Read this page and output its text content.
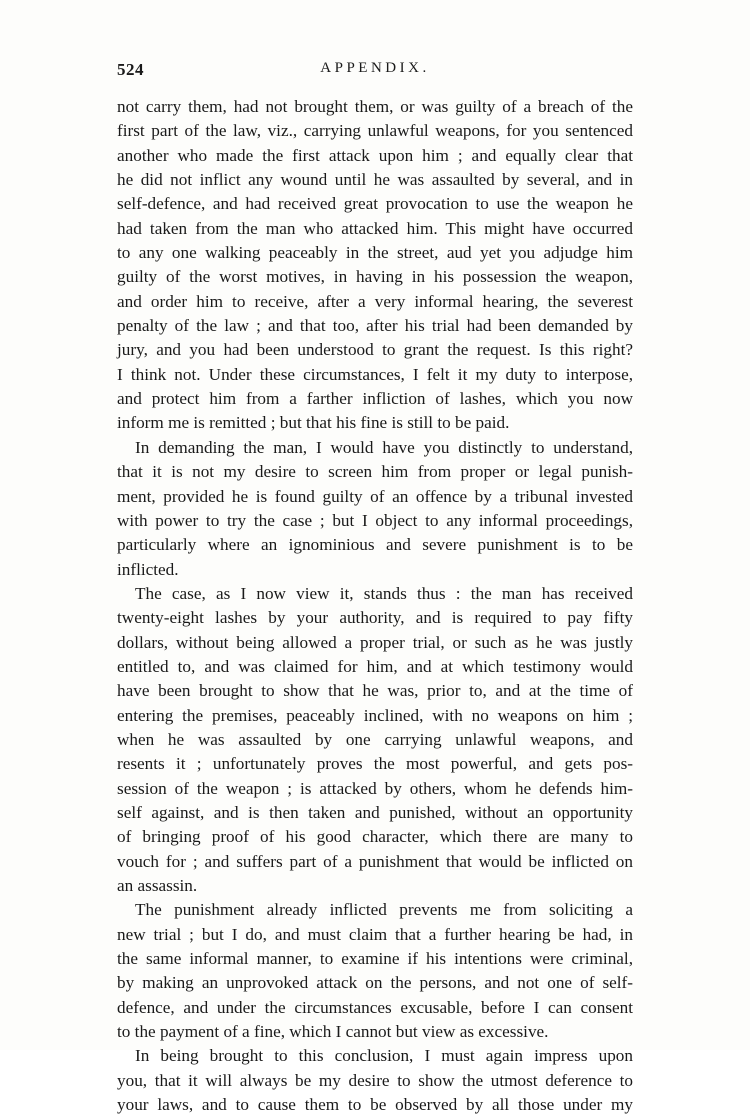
524	APPENDIX.
not carry them, had not brought them, or was guilty of a breach of the
first part of the law, viz., carrying unlawful weapons, for you sentenced
another who made the first attack upon him ; and equally clear that
he did not inflict any wound until he was assaulted by several, and in
self-defence, and had received great provocation to use the weapon he
had taken from the man who attacked him. This might have occurred
to any one walking peaceably in the street, aud yet you adjudge him
guilty of the worst motives, in having in his possession the weapon,
and order him to receive, after a very informal hearing, the severest
penalty of the law ; and that too, after his trial had been demanded by
jury, and you had been understood to grant the request. Is this right?
I think not. Under these circumstances, I felt it my duty to interpose,
and protect him from a farther infliction of lashes, which you now
inform me is remitted ; but that his fine is still to be paid.
In demanding the man, I would have you distinctly to understand,
that it is not my desire to screen him from proper or legal punish-
ment, provided he is found guilty of an offence by a tribunal invested
with power to try the case ; but I object to any informal proceedings,
particularly where an ignominious and severe punishment is to be
inflicted.
The case, as I now view it, stands thus : the man has received
twenty-eight lashes by your authority, and is required to pay fifty
dollars, without being allowed a proper trial, or such as he was justly
entitled to, and was claimed for him, and at which testimony would
have been brought to show that he was, prior to, and at the time of
entering the premises, peaceably inclined, with no weapons on him ;
when he was assaulted by one carrying unlawful weapons, and
resents it ; unfortunately proves the most powerful, and gets pos-
session of the weapon ; is attacked by others, whom he defends him-
self against, and is then taken and punished, without an opportunity
of bringing proof of his good character, which there are many to
vouch for ; and suffers part of a punishment that would be inflicted on
an assassin.
The punishment already inflicted prevents me from soliciting a
new trial ; but I do, and must claim that a further hearing be had, in
the same informal manner, to examine if his intentions were criminal,
by making an unprovoked attack on the persons, and not one of self-
defence, and under the circumstances excusable, before I can consent
to the payment of a fine, which I cannot but view as excessive.
In being brought to this conclusion, I must again impress upon
you, that it will always be my desire to show the utmost deference to
your laws, and to cause them to be observed by all those under my
